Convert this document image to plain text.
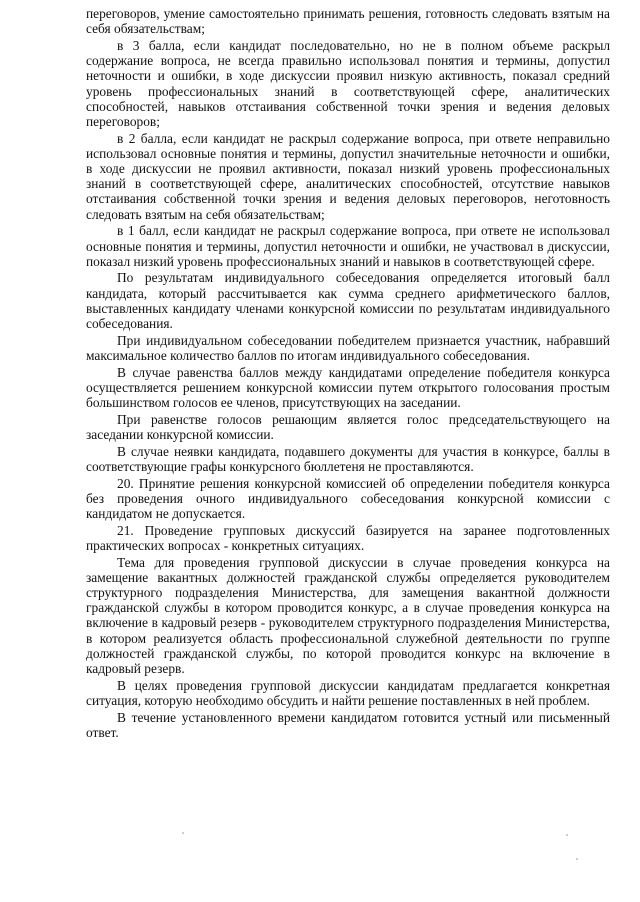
переговоров, умение самостоятельно принимать решения, готовность следовать взятым на себя обязательствам;

в 3 балла, если кандидат последовательно, но не в полном объеме раскрыл содержание вопроса, не всегда правильно использовал понятия и термины, допустил неточности и ошибки, в ходе дискуссии проявил низкую активность, показал средний уровень профессиональных знаний в соответствующей сфере, аналитических способностей, навыков отстаивания собственной точки зрения и ведения деловых переговоров;

в 2 балла, если кандидат не раскрыл содержание вопроса, при ответе неправильно использовал основные понятия и термины, допустил значительные неточности и ошибки, в ходе дискуссии не проявил активности, показал низкий уровень профессиональных знаний в соответствующей сфере, аналитических способностей, отсутствие навыков отстаивания собственной точки зрения и ведения деловых переговоров, неготовность следовать взятым на себя обязательствам;

в 1 балл, если кандидат не раскрыл содержание вопроса, при ответе не использовал основные понятия и термины, допустил неточности и ошибки, не участвовал в дискуссии, показал низкий уровень профессиональных знаний и навыков в соответствующей сфере.

По результатам индивидуального собеседования определяется итоговый балл кандидата, который рассчитывается как сумма среднего арифметического баллов, выставленных кандидату членами конкурсной комиссии по результатам индивидуального собеседования.

При индивидуальном собеседовании победителем признается участник, набравший максимальное количество баллов по итогам индивидуального собеседования.

В случае равенства баллов между кандидатами определение победителя конкурса осуществляется решением конкурсной комиссии путем открытого голосования простым большинством голосов ее членов, присутствующих на заседании.

При равенстве голосов решающим является голос председательствующего на заседании конкурсной комиссии.

В случае неявки кандидата, подавшего документы для участия в конкурсе, баллы в соответствующие графы конкурсного бюллетеня не проставляются.

20. Принятие решения конкурсной комиссией об определении победителя конкурса без проведения очного индивидуального собеседования конкурсной комиссии с кандидатом не допускается.

21. Проведение групповых дискуссий базируется на заранее подготовленных практических вопросах - конкретных ситуациях.

Тема для проведения групповой дискуссии в случае проведения конкурса на замещение вакантных должностей гражданской службы определяется руководителем структурного подразделения Министерства, для замещения вакантной должности гражданской службы в котором проводится конкурс, а в случае проведения конкурса на включение в кадровый резерв - руководителем структурного подразделения Министерства, в котором реализуется область профессиональной служебной деятельности по группе должностей гражданской службы, по которой проводится конкурс на включение в кадровый резерв.

В целях проведения групповой дискуссии кандидатам предлагается конкретная ситуация, которую необходимо обсудить и найти решение поставленных в ней проблем.

В течение установленного времени кандидатом готовится устный или письменный ответ.
